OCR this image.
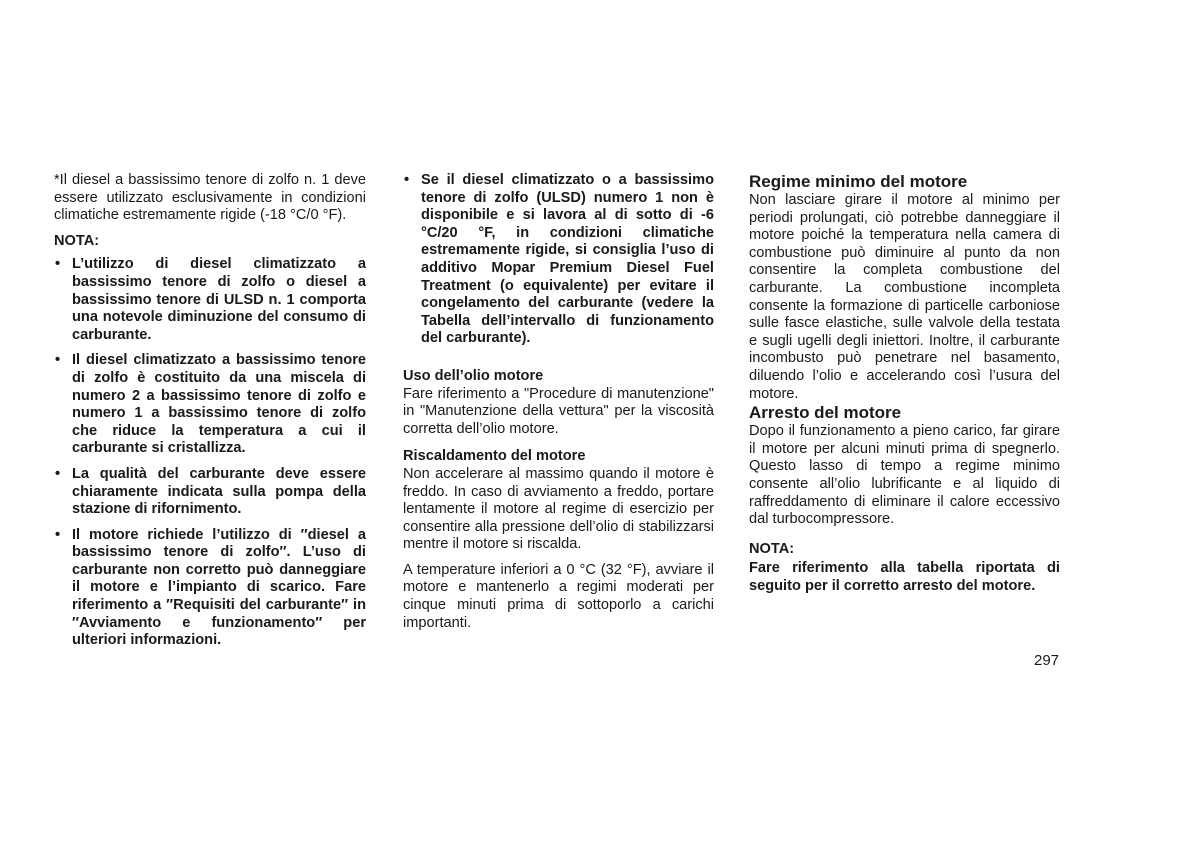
*Il diesel a bassissimo tenore di zolfo n. 1 deve essere utilizzato esclusivamente in condizioni climatiche estremamente rigide (-18 °C/0 °F).

NOTA:
• L’utilizzo di diesel climatizzato a bassissimo tenore di zolfo o diesel a bassissimo tenore di ULSD n. 1 comporta una notevole diminuzione del consumo di carburante.
• Il diesel climatizzato a bassissimo tenore di zolfo è costituito da una miscela di numero 2 a bassissimo tenore di zolfo e numero 1 a bassissimo tenore di zolfo che riduce la temperatura a cui il carburante si cristallizza.
• La qualità del carburante deve essere chiaramente indicata sulla pompa della stazione di rifornimento.
• Il motore richiede l’utilizzo di ″diesel a bassissimo tenore di zolfo″. L’uso di carburante non corretto può danneggiare il motore e l’impianto di scarico. Fare riferimento a ″Requisiti del carburante″ in ″Avviamento e funzionamento″ per ulteriori informazioni.
• Se il diesel climatizzato o a bassissimo tenore di zolfo (ULSD) numero 1 non è disponibile e si lavora al di sotto di -6 °C/20 °F, in condizioni climatiche estremamente rigide, si consiglia l’uso di additivo Mopar Premium Diesel Fuel Treatment (o equivalente) per evitare il congelamento del carburante (vedere la Tabella dell’intervallo di funzionamento del carburante).
Uso dell’olio motore

Fare riferimento a "Procedure di manutenzione" in "Manutenzione della vettura" per la viscosità corretta dell’olio motore.

Riscaldamento del motore

Non accelerare al massimo quando il motore è freddo. In caso di avviamento a freddo, portare lentamente il motore al regime di esercizio per consentire alla pressione dell’olio di stabilizzarsi mentre il motore si riscalda.

A temperature inferiori a 0 °C (32 °F), avviare il motore e mantenerlo a regimi moderati per cinque minuti prima di sottoporlo a carichi importanti.

Regime minimo del motore

Non lasciare girare il motore al minimo per periodi prolungati, ciò potrebbe danneggiare il motore poiché la temperatura nella camera di combustione può diminuire al punto da non consentire la completa combustione del carburante. La combustione incompleta consente la formazione di particelle carboniose sulle fasce elastiche, sulle valvole della testata e sugli ugelli degli iniettori. Inoltre, il carburante incombusto può penetrare nel basamento, diluendo l’olio e accelerando così l’usura del motore.

Arresto del motore

Dopo il funzionamento a pieno carico, far girare il motore per alcuni minuti prima di spegnerlo. Questo lasso di tempo a regime minimo consente all’olio lubrificante e al liquido di raffreddamento di eliminare il calore eccessivo dal turbocompressore.

NOTA:

Fare riferimento alla tabella riportata di seguito per il corretto arresto del motore.

297
